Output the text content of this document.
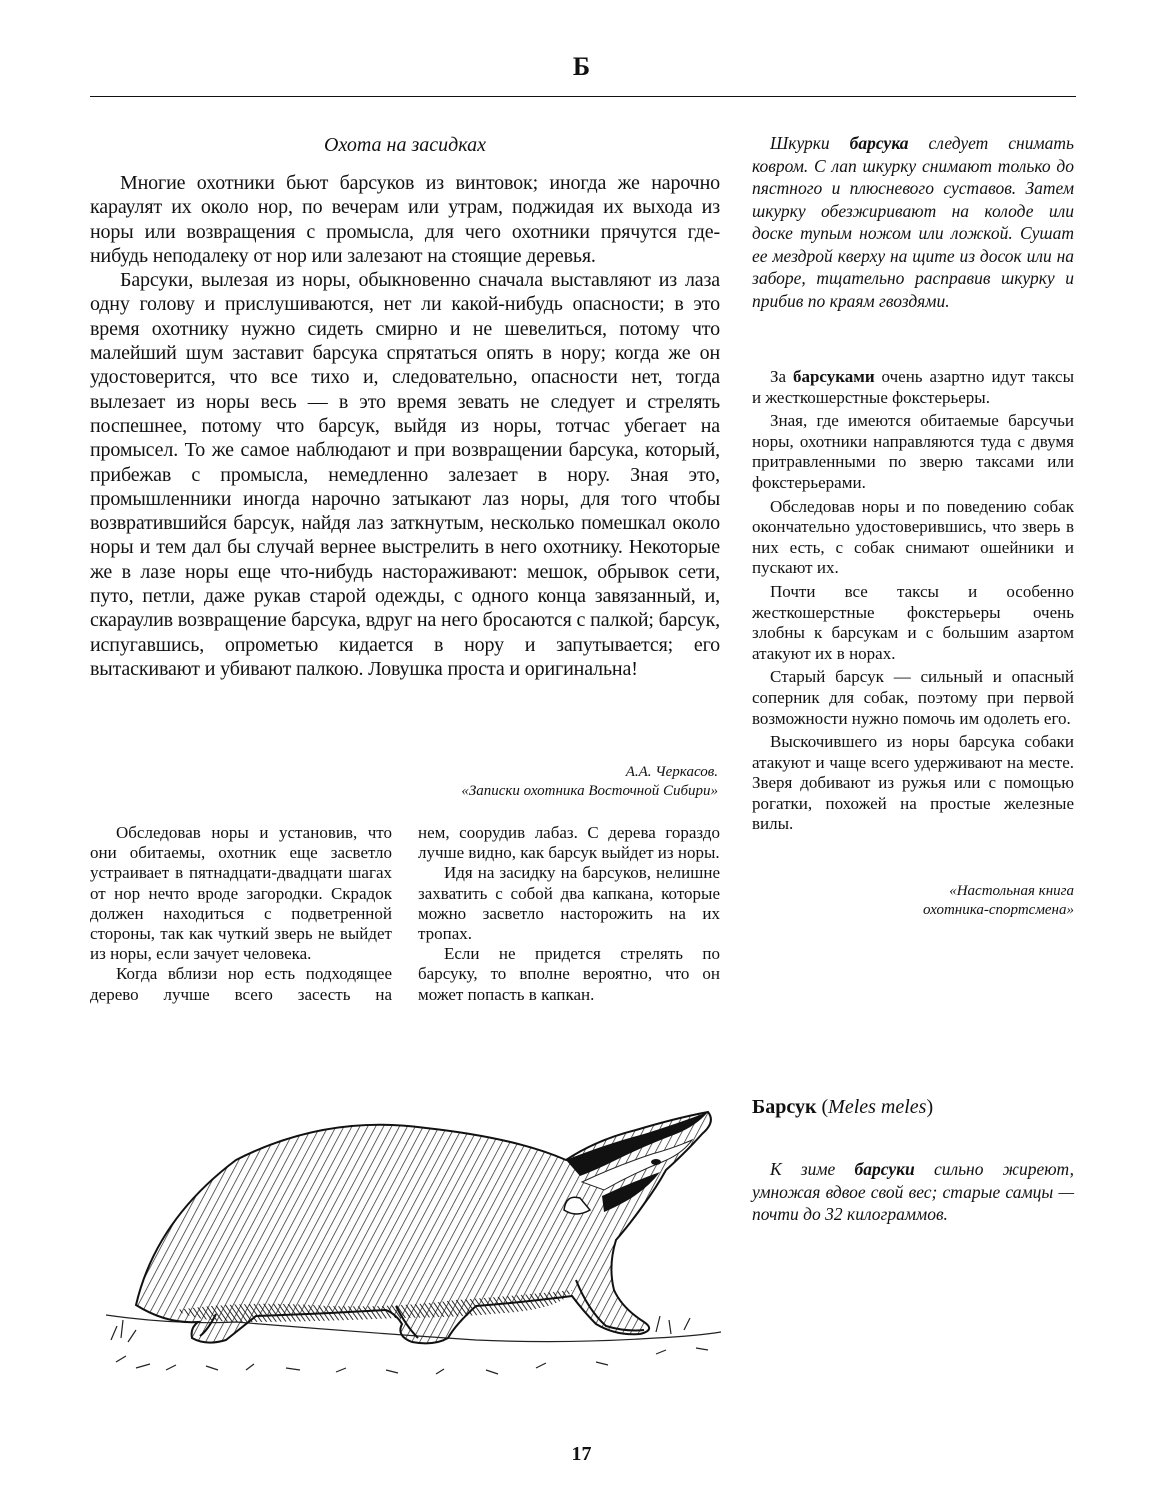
Б
Охота на засидках

Многие охотники бьют барсуков из винтовок; иногда же нарочно караулят их около нор, по вечерам или утрам, поджидая их выхода из норы или возвращения с промысла, для чего охотники прячутся где-нибудь неподалеку от нор или залезают на стоящие деревья.

Барсуки, вылезая из норы, обыкновенно сначала выставляют из лаза одну голову и прислушиваются, нет ли какой-нибудь опасности; в это время охотнику нужно сидеть смирно и не шевелиться, потому что малейший шум заставит барсука спрятаться опять в нору; когда же он удостоверится, что все тихо и, следовательно, опасности нет, тогда вылезает из норы весь — в это время зевать не следует и стрелять поспешнее, потому что барсук, выйдя из норы, тотчас убегает на промысел. То же самое наблюдают и при возвращении барсука, который, прибежав с промысла, немедленно залезает в нору. Зная это, промышленники иногда нарочно затыкают лаз норы, для того чтобы возвратившийся барсук, найдя лаз заткнутым, несколько помешкал около норы и тем дал бы случай вернее выстрелить в него охотнику. Некоторые же в лазе норы еще что-нибудь настораживают: мешок, обрывок сети, путо, петли, даже рукав старой одежды, с одного конца завязанный, и, скараулив возвращение барсука, вдруг на него бросаются с палкой; барсук, испугавшись, опрометью кидается в нору и запутывается; его вытаскивают и убивают палкою. Ловушка проста и оригинальна!

А.А. Черкасов.
«Записки охотника Восточной Сибири»

Обследовав норы и установив, что они обитаемы, охотник еще засветло устраивает в пятнадцати-двадцати шагах от нор нечто вроде загородки. Скрадок должен находиться с подветренной стороны, так как чуткий зверь не выйдет из норы, если зачует человека.

Когда вблизи нор есть подходящее дерево лучше всего засесть на

нем, соорудив лабаз. С дерева гораздо лучше видно, как барсук выйдет из норы.

Идя на засидку на барсуков, нелишне захватить с собой два капкана, которые можно засветло насторожить на их тропах.

Если не придется стрелять по барсуку, то вполне вероятно, что он может попасть в капкан.

Шкурки барсука следует снимать ковром. С лап шкурку снимают только до пястного и плюсневого суставов. Затем шкурку обезжиривают на колоде или доске тупым ножом или ложкой. Сушат ее мездрой кверху на щите из досок или на заборе, тщательно расправив шкурку и прибив по краям гвоздями.

За барсуками очень азартно идут таксы и жесткошерстные фокстерьеры.

Зная, где имеются обитаемые барсучьи норы, охотники направляются туда с двумя притравленными по зверю таксами или фокстерьерами.

Обследовав норы и по поведению собак окончательно удостоверившись, что зверь в них есть, с собак снимают ошейники и пускают их.

Почти все таксы и особенно жесткошерстные фокстерьеры очень злобны к барсукам и с большим азартом атакуют их в норах.

Старый барсук — сильный и опасный соперник для собак, поэтому при первой возможности нужно помочь им одолеть его.

Выскочившего из норы барсука собаки атакуют и чаще всего удерживают на месте. Зверя добивают из ружья или с помощью рогатки, похожей на простые железные вилы.

«Настольная книга
охотника-спортсмена»
Барсук (Meles meles)

К зиме барсуки сильно жиреют, умножая вдвое свой вес; старые самцы — почти до 32 килограммов.

17
